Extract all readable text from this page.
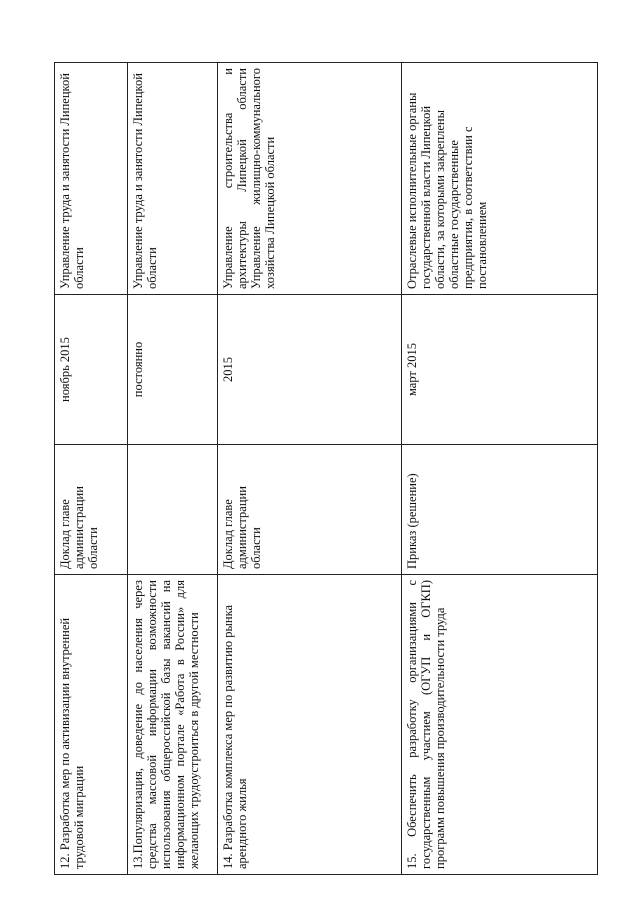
12. Разработка мер по активизации внутренней трудовой миграции	Доклад главе администрации области	ноябрь 2015	Управление труда и занятости Липецкой области
13.Популяризация, доведение до населения через средства массовой информации возможности использования общероссийской базы вакансий на информационном портале «Работа в России» для желающих трудоустроиться в другой местности		постоянно	Управление труда и занятости Липецкой области
14. Разработка комплекса мер по развитию рынка арендного жилья	Доклад главе администрации области	2015	Управление строительства и архитектуры Липецкой области Управление жилищно-коммунального хозяйства Липецкой области
15. Обеспечить разработку организациями с государственным участием (ОГУП и ОГКП) программ повышения производительности труда	Приказ (решение)	март 2015	Отраслевые исполнительные органы государственной власти Липецкой области, за которыми закреплены областные государственные предприятия, в соответствии с постановлением
